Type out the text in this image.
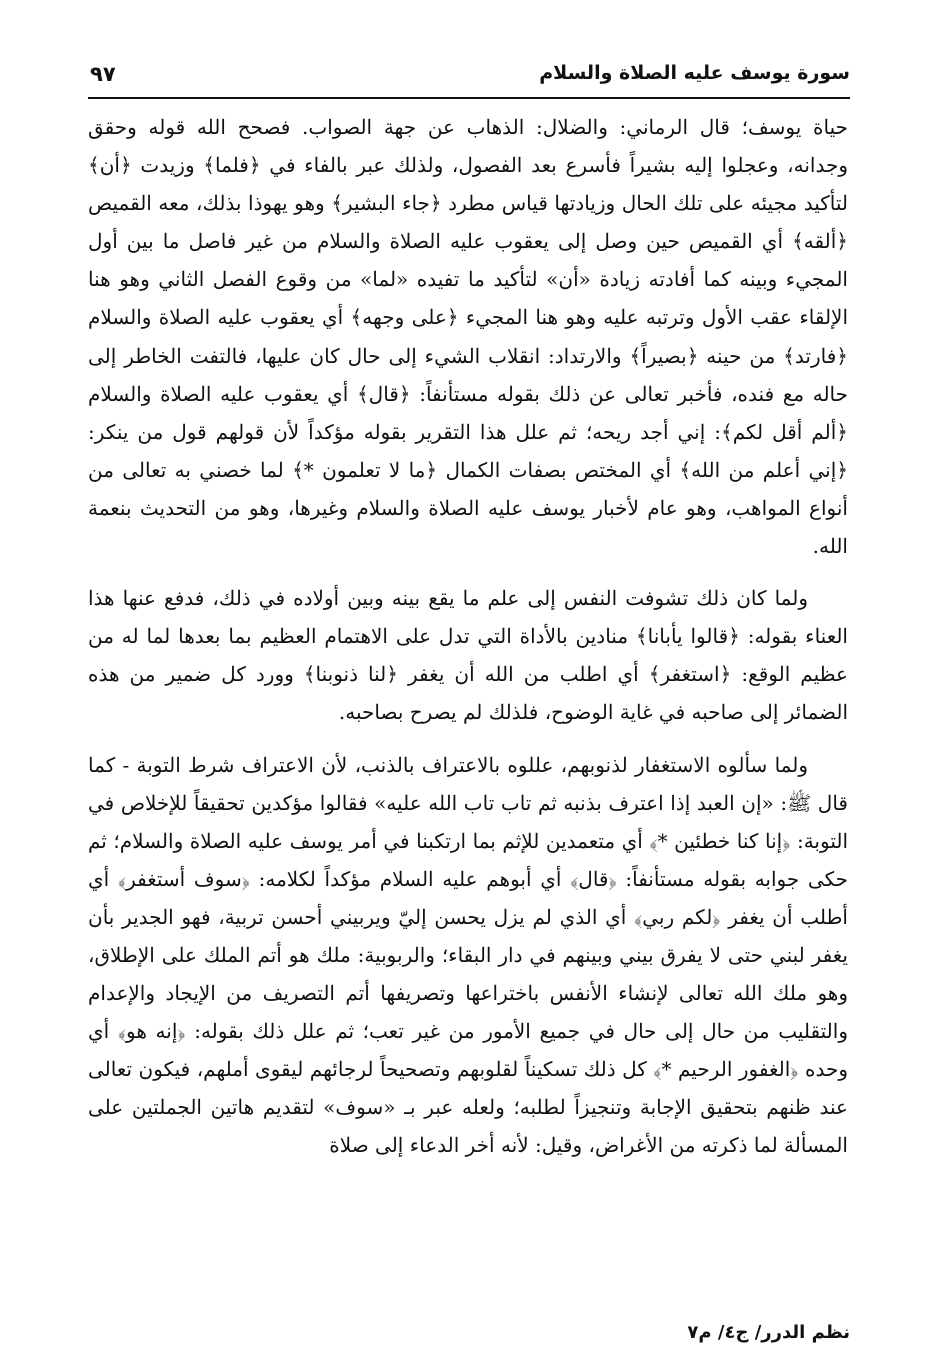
سورة يوسف عليه الصلاة والسلام
٩٧

حياة يوسف؛ قال الرماني: والضلال: الذهاب عن جهة الصواب. فصحح الله قوله وحقق وجدانه، وعجلوا إليه بشيراً فأسرع بعد الفصول، ولذلك عبر بالفاء في ﴿فلما﴾ وزيدت ﴿أن﴾ لتأكيد مجيئه على تلك الحال وزيادتها قياس مطرد ﴿جاء البشير﴾ وهو يهوذا بذلك، معه القميص ﴿ألقه﴾ أي القميص حين وصل إلى يعقوب عليه الصلاة والسلام من غير فاصل ما بين أول المجيء وبينه كما أفادته زيادة «أن» لتأكيد ما تفيده «لما» من وقوع الفصل الثاني وهو هنا الإلقاء عقب الأول وترتبه عليه وهو هنا المجيء ﴿على وجهه﴾ أي يعقوب عليه الصلاة والسلام ﴿فارتد﴾ من حينه ﴿بصيراً﴾ والارتداد: انقلاب الشيء إلى حال كان عليها، فالتفت الخاطر إلى حاله مع فنده، فأخبر تعالى عن ذلك بقوله مستأنفاً: ﴿قال﴾ أي يعقوب عليه الصلاة والسلام ﴿ألم أقل لكم﴾: إني أجد ريحه؛ ثم علل هذا التقرير بقوله مؤكداً لأن قولهم قول من ينكر: ﴿إني أعلم من الله﴾ أي المختص بصفات الكمال ﴿ما لا تعلمون *﴾ لما خصني به تعالى من أنواع المواهب، وهو عام لأخبار يوسف عليه الصلاة والسلام وغيرها، وهو من التحديث بنعمة الله.

ولما كان ذلك تشوفت النفس إلى علم ما يقع بينه وبين أولاده في ذلك، فدفع عنها هذا العناء بقوله: ﴿قالوا يأبانا﴾ منادين بالأداة التي تدل على الاهتمام العظيم بما بعدها لما له من عظيم الوقع: ﴿استغفر﴾ أي اطلب من الله أن يغفر ﴿لنا ذنوبنا﴾ وورد كل ضمير من هذه الضمائر إلى صاحبه في غاية الوضوح، فلذلك لم يصرح بصاحبه.

ولما سألوه الاستغفار لذنوبهم، عللوه بالاعتراف بالذنب، لأن الاعتراف شرط التوبة - كما قال ﷺ: «إن العبد إذا اعترف بذنبه ثم تاب تاب الله عليه» فقالوا مؤكدين تحقيقاً للإخلاص في التوبة: ﴿إنا كنا خطئين *﴾ أي متعمدين للإثم بما ارتكبنا في أمر يوسف عليه الصلاة والسلام؛ ثم حكى جوابه بقوله مستأنفاً: ﴿قال﴾ أي أبوهم عليه السلام مؤكداً لكلامه: ﴿سوف أستغفر﴾ أي أطلب أن يغفر ﴿لكم ربي﴾ أي الذي لم يزل يحسن إليّ ويربيني أحسن تربية، فهو الجدير بأن يغفر لبني حتى لا يفرق بيني وبينهم في دار البقاء؛ والربوبية: ملك هو أتم الملك على الإطلاق، وهو ملك الله تعالى لإنشاء الأنفس باختراعها وتصريفها أتم التصريف من الإيجاد والإعدام والتقليب من حال إلى حال في جميع الأمور من غير تعب؛ ثم علل ذلك بقوله: ﴿إنه هو﴾ أي وحده ﴿الغفور الرحيم *﴾ كل ذلك تسكيناً لقلوبهم وتصحيحاً لرجائهم ليقوى أملهم، فيكون تعالى عند ظنهم بتحقيق الإجابة وتنجيزاً لطلبه؛ ولعله عبر بـ «سوف» لتقديم هاتين الجملتين على المسألة لما ذكرته من الأغراض، وقيل: لأنه أخر الدعاء إلى صلاة

نظم الدرر/ ج٤/ م٧
